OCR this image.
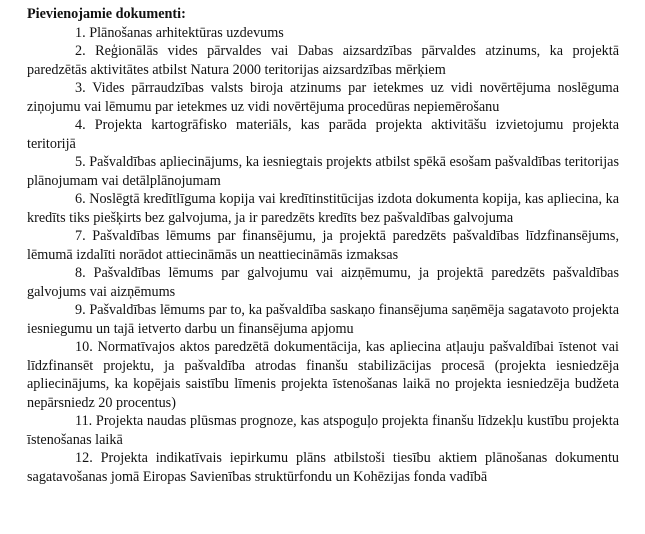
Pievienojamie dokumenti:

1. Plānošanas arhitektūras uzdevums

2. Reģionālās vides pārvaldes vai Dabas aizsardzības pārvaldes atzinums, ka projektā paredzētās aktivitātes atbilst Natura 2000 teritorijas aizsardzības mērķiem

3. Vides pārraudzības valsts biroja atzinums par ietekmes uz vidi novērtējuma noslēguma ziņojumu vai lēmumu par ietekmes uz vidi novērtējuma procedūras nepiemērošanu

4. Projekta kartogrāfisko materiāls, kas parāda projekta aktivitāšu izvietojumu projekta teritorijā

5. Pašvaldības apliecinājums, ka iesniegtais projekts atbilst spēkā esošam pašvaldības teritorijas plānojumam vai detālplānojumam

6. Noslēgtā kredītlīguma kopija vai kredītinstitūcijas izdota dokumenta kopija, kas apliecina, ka kredīts tiks piešķirts bez galvojuma, ja ir paredzēts kredīts bez pašvaldības galvojuma

7. Pašvaldības lēmums par finansējumu, ja projektā paredzēts pašvaldības līdzfinansējums, lēmumā izdalīti norādot attiecināmās un neattiecināmās izmaksas

8. Pašvaldības lēmums par galvojumu vai aizņēmumu, ja projektā paredzēts pašvaldības galvojums vai aizņēmums

9. Pašvaldības lēmums par to, ka pašvaldība saskaņo finansējuma saņēmēja sagatavoto projekta iesniegumu un tajā ietverto darbu un finansējuma apjomu

10. Normatīvajos aktos paredzētā dokumentācija, kas apliecina atļauju pašvaldībai īstenot vai līdzfinansēt projektu, ja pašvaldība atrodas finanšu stabilizācijas procesā (projekta iesniedzēja apliecinājums, ka kopējais saistību līmenis projekta īstenošanas laikā no projekta iesniedzēja budžeta nepārsniedz 20 procentus)

11. Projekta naudas plūsmas prognoze, kas atspoguļo projekta finanšu līdzekļu kustību projekta īstenošanas laikā

12. Projekta indikatīvais iepirkumu plāns atbilstoši tiesību aktiem plānošanas dokumentu sagatavošanas jomā Eiropas Savienības struktūrfondu un Kohēzijas fonda vadībā
